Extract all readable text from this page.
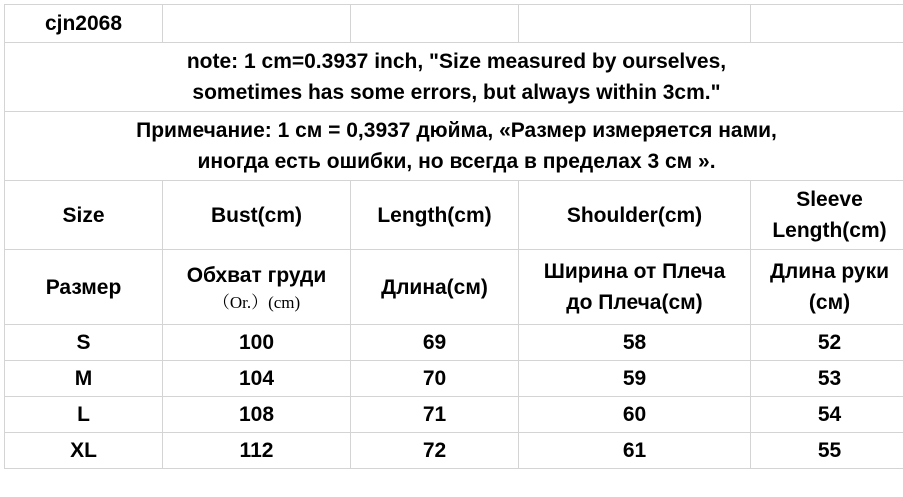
cjn2068				

note: 1 cm=0.3937 inch, "Size measured by ourselves,
sometimes has some errors, but always within 3cm."				

Примечание: 1 см = 0,3937 дюйма, «Размер измеряется нами,
иногда есть ошибки, но всегда в пределах 3 см ».				

Size	Bust(cm)	Length(cm)	Shoulder(cm)	Sleeve
Length(cm)

Размер	Обхват груди
（Or.）(cm)	Длина(см)	Ширина от Плеча
до Плеча(см)	Длина руки
(см)

S	100	69	58	52
M	104	70	59	53
L	108	71	60	54
XL	112	72	61	55
